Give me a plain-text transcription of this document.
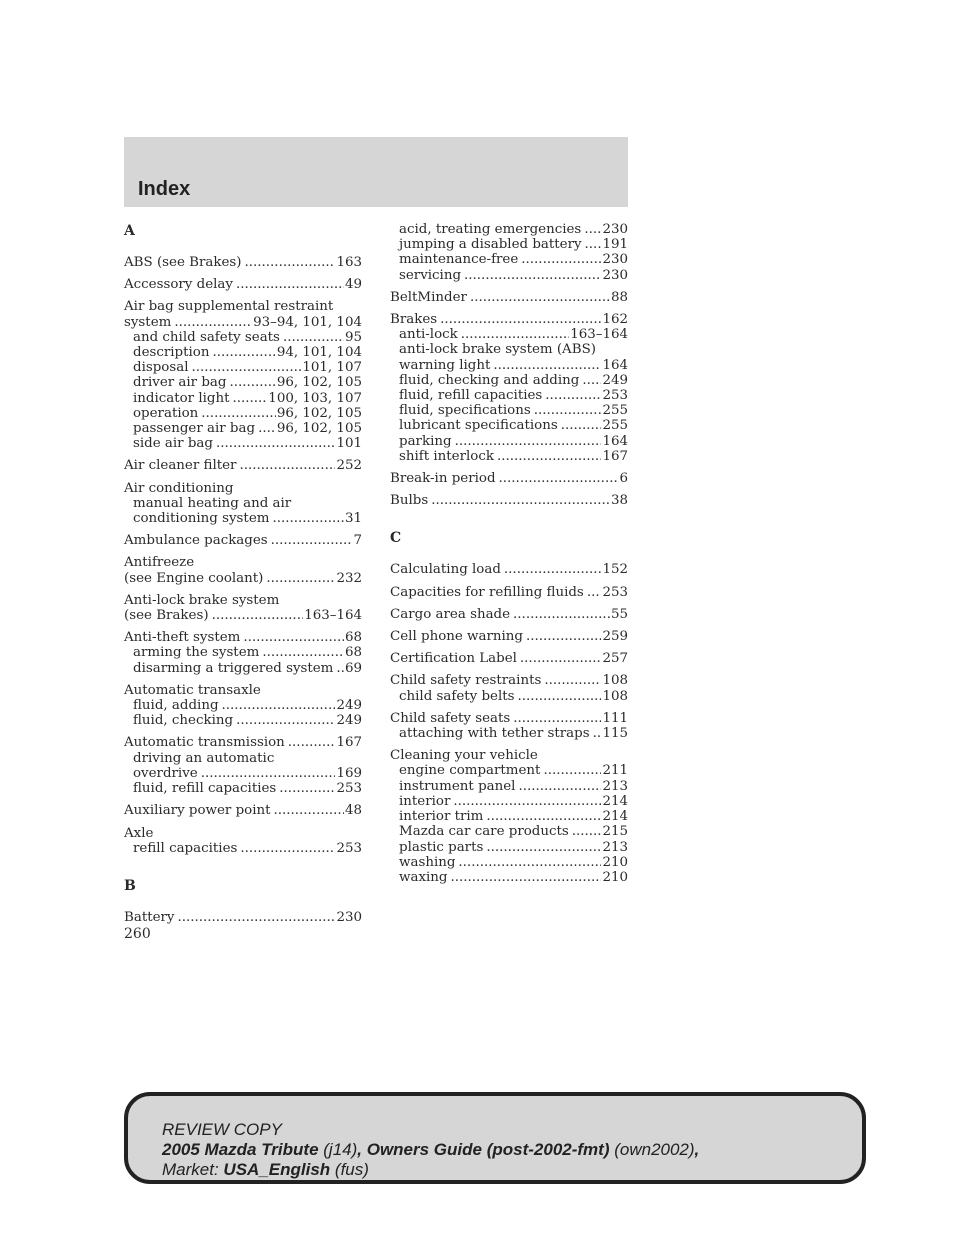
Index
A
ABS (see Brakes) .....	163
Accessory delay .....	49
Air bag supplemental restraint
system .....	93–94, 101, 104
and child safety seats .....	95
description .....	94, 101, 104
disposal .....	101, 107
driver air bag .....	96, 102, 105
indicator light .....	100, 103, 107
operation .....	96, 102, 105
passenger air bag ..... 96, 102, 105
side air bag .....	101
Air cleaner filter .....	252
Air conditioning
manual heating and air
conditioning system .....	31
Ambulance packages .....	7
Antifreeze
(see Engine coolant) .....	232
Anti-lock brake system
(see Brakes) .....	163–164
Anti-theft system .....	68
arming the system .....	68
disarming a triggered system ..... 69
Automatic transaxle
fluid, adding .....	249
fluid, checking .....	249
Automatic transmission .....	167
driving an automatic
overdrive .....	169
fluid, refill capacities .....	253
Auxiliary power point .....	48
Axle
refill capacities .....	253
B
Battery .....	230
acid, treating emergencies ..... 230
jumping a disabled battery ..... 191
maintenance-free .....	230
servicing .....	230
BeltMinder .....	88
Brakes .....	162
anti-lock .....	163–164
anti-lock brake system (ABS)
warning light .....	164
fluid, checking and adding ..... 249
fluid, refill capacities .....	253
fluid, specifications .....	255
lubricant specifications .....	255
parking .....	164
shift interlock .....	167
Break-in period .....	6
Bulbs .....	38
C
Calculating load .....	152
Capacities for refilling fluids ..... 253
Cargo area shade .....	55
Cell phone warning .....	259
Certification Label .....	257
Child safety restraints .....	108
child safety belts .....	108
Child safety seats .....	111
attaching with tether straps ..... 115
Cleaning your vehicle
engine compartment .....	211
instrument panel .....	213
interior .....	214
interior trim .....	214
Mazda car care products .....	215
plastic parts .....	213
washing .....	210
waxing .....	210
260
REVIEW COPY
2005 Mazda Tribute (j14), Owners Guide (post-2002-fmt) (own2002),
Market: USA_English (fus)
